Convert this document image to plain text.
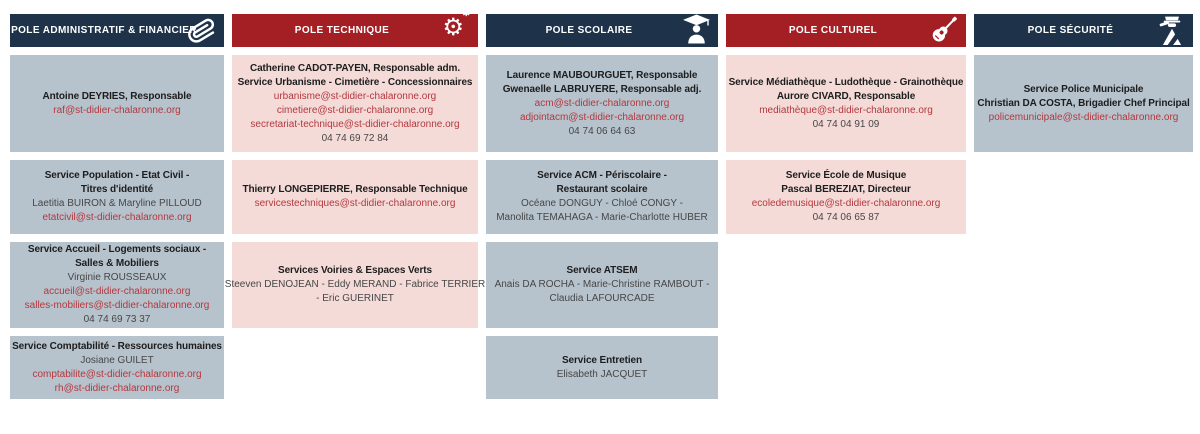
POLE ADMINISTRATIF & FINANCIER
Antoine DEYRIES, Responsable
raf@st-didier-chalaronne.org
Service Population - Etat Civil -
Titres d'identité
Laetitia BUIRON & Maryline PILLOUD
etatcivil@st-didier-chalaronne.org
Service Accueil - Logements sociaux -
Salles & Mobiliers
Virginie ROUSSEAUX
accueil@st-didier-chalaronne.org
salles-mobiliers@st-didier-chalaronne.org
04 74 69 73 37
Service Comptabilité - Ressources humaines
Josiane GUILET
comptabilite@st-didier-chalaronne.org
rh@st-didier-chalaronne.org
POLE TECHNIQUE ⚙
⚙
Catherine CADOT-PAYEN, Responsable adm.
Service Urbanisme - Cimetière - Concessionnaires
urbanisme@st-didier-chalaronne.org
cimetiere@st-didier-chalaronne.org
secretariat-technique@st-didier-chalaronne.org
04 74 69 72 84
Thierry LONGEPIERRE, Responsable Technique
servicestechniques@st-didier-chalaronne.org
Services Voiries & Espaces Verts
Steeven DENOJEAN - Eddy MERAND - Fabrice TERRIER
- Eric GUERINET
POLE SCOLAIRE
Laurence MAUBOURGUET, Responsable
Gwenaelle LABRUYERE, Responsable adj.
acm@st-didier-chalaronne.org
adjointacm@st-didier-chalaronne.org
04 74 06 64 63
Service ACM - Périscolaire -
Restaurant scolaire
Océane DONGUY - Chloé CONGY -
Manolita TEMAHAGA - Marie-Charlotte HUBER
Service ATSEM
Anais DA ROCHA - Marie-Christine RAMBOUT -
Claudia LAFOURCADE
Service Entretien
Elisabeth JACQUET
POLE CULTUREL
Service Médiathèque - Ludothèque - Grainothèque
Aurore CIVARD, Responsable
mediathèque@st-didier-chalaronne.org
04 74 04 91 09
Service École de Musique
Pascal BEREZIAT, Directeur
ecoledemusique@st-didier-chalaronne.org
04 74 06 65 87
POLE SÉCURITÉ
Service Police Municipale
Christian DA COSTA, Brigadier Chef Principal
policemunicipale@st-didier-chalaronne.org
